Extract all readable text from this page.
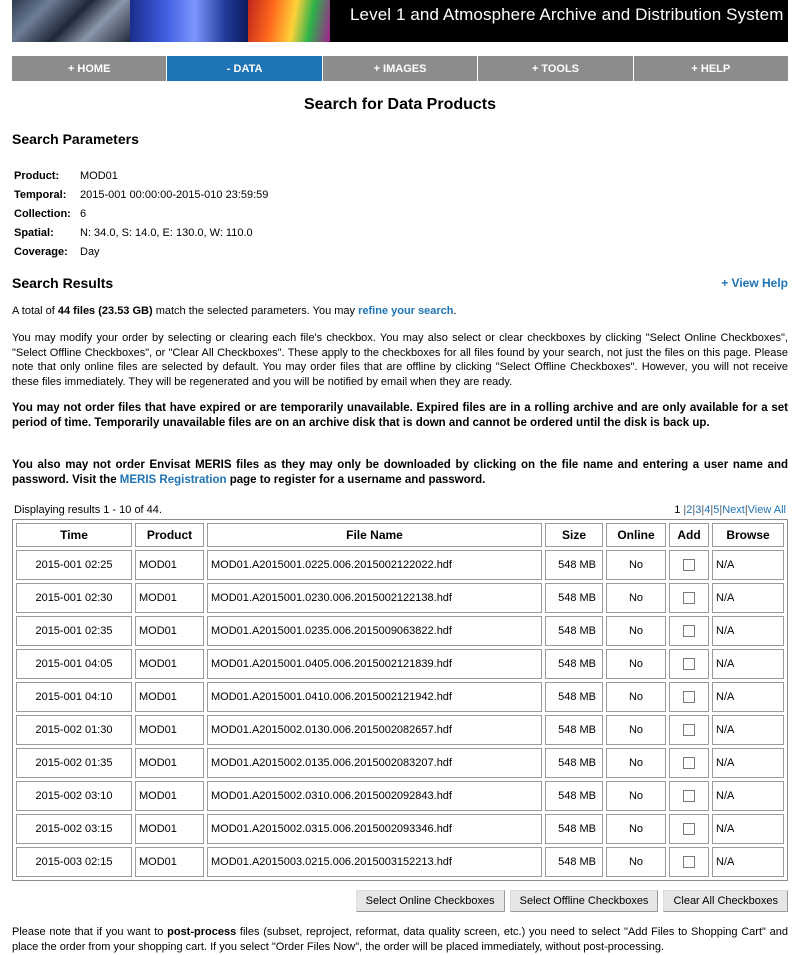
Level 1 and Atmosphere Archive and Distribution System
+ HOME	- DATA	+ IMAGES	+ TOOLS	+ HELP
Search for Data Products
Search Parameters
Product:	MOD01
Temporal:	2015-001 00:00:00-2015-010 23:59:59
Collection:	6
Spatial:	N: 34.0, S: 14.0, E: 130.0, W: 110.0
Coverage:	Day
Search Results	+ View Help
A total of 44 files (23.53 GB) match the selected parameters. You may refine your search.
You may modify your order by selecting or clearing each file's checkbox. You may also select or clear checkboxes by clicking "Select Online Checkboxes", "Select Offline Checkboxes", or "Clear All Checkboxes". These apply to the checkboxes for all files found by your search, not just the files on this page. Please note that only online files are selected by default. You may order files that are offline by clicking "Select Offline Checkboxes". However, you will not receive these files immediately. They will be regenerated and you will be notified by email when they are ready.
You may not order files that have expired or are temporarily unavailable. Expired files are in a rolling archive and are only available for a set period of time. Temporarily unavailable files are on an archive disk that is down and cannot be ordered until the disk is back up.
You also may not order Envisat MERIS files as they may only be downloaded by clicking on the file name and entering a user name and password. Visit the MERIS Registration page to register for a username and password.
Displaying results 1 - 10 of 44.	1 |2|3|4|5|Next|View All
Time	Product	File Name	Size	Online	Add	Browse
2015-001 02:25	MOD01	MOD01.A2015001.0225.006.2015002122022.hdf	548 MB	No		N/A
2015-001 02:30	MOD01	MOD01.A2015001.0230.006.2015002122138.hdf	548 MB	No		N/A
2015-001 02:35	MOD01	MOD01.A2015001.0235.006.2015009063822.hdf	548 MB	No		N/A
2015-001 04:05	MOD01	MOD01.A2015001.0405.006.2015002121839.hdf	548 MB	No		N/A
2015-001 04:10	MOD01	MOD01.A2015001.0410.006.2015002121942.hdf	548 MB	No		N/A
2015-002 01:30	MOD01	MOD01.A2015002.0130.006.2015002082657.hdf	548 MB	No		N/A
2015-002 01:35	MOD01	MOD01.A2015002.0135.006.2015002083207.hdf	548 MB	No		N/A
2015-002 03:10	MOD01	MOD01.A2015002.0310.006.2015002092843.hdf	548 MB	No		N/A
2015-002 03:15	MOD01	MOD01.A2015002.0315.006.2015002093346.hdf	548 MB	No		N/A
2015-003 02:15	MOD01	MOD01.A2015003.0215.006.2015003152213.hdf	548 MB	No		N/A
Select Online Checkboxes	Select Offline Checkboxes	Clear All Checkboxes
Please note that if you want to post-process files (subset, reproject, reformat, data quality screen, etc.) you need to select "Add Files to Shopping Cart" and place the order from your shopping cart. If you select "Order Files Now", the order will be placed immediately, without post-processing.
